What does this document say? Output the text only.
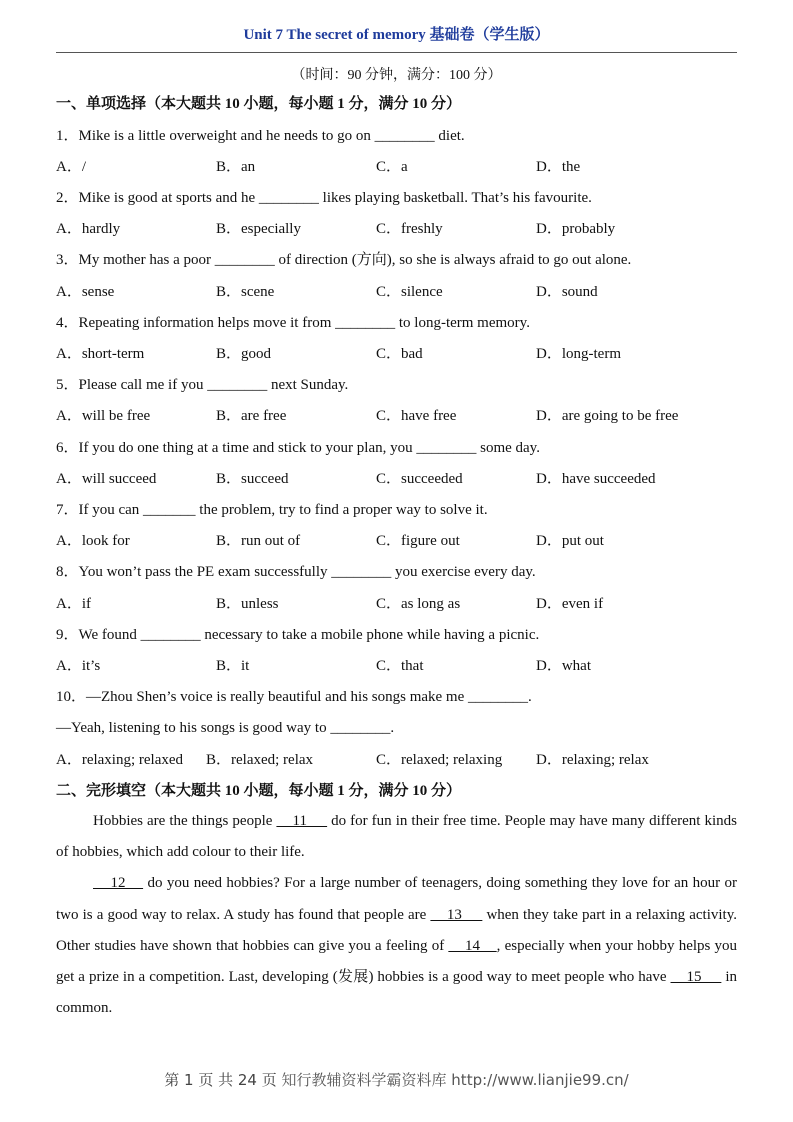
Unit 7 The secret of memory 基础卷（学生版）
（时间：90 分钟，满分：100 分）
一、单项选择（本大题共 10 小题，每小题 1 分，满分 10 分）
1．Mike is a little overweight and he needs to go on ________ diet.
A．/	B．an	C．a	D．the
2．Mike is good at sports and he ________ likes playing basketball. That’s his favourite.
A．hardly	B．especially	C．freshly	D．probably
3．My mother has a poor ________ of direction (方向), so she is always afraid to go out alone.
A．sense	B．scene	C．silence	D．sound
4．Repeating information helps move it from ________ to long-term memory.
A．short-term	B．good	C．bad	D．long-term
5．Please call me if you ________ next Sunday.
A．will be free	B．are free	C．have free	D．are going to be free
6．If you do one thing at a time and stick to your plan, you ________ some day.
A．will succeed	B．succeed	C．succeeded	D．have succeeded
7．If you can _______ the problem, try to find a proper way to solve it.
A．look for	B．run out of	C．figure out	D．put out
8．You won’t pass the PE exam successfully ________ you exercise every day.
A．if	B．unless	C．as long as	D．even if
9．We found ________ necessary to take a mobile phone while having a picnic.
A．it’s	B．it	C．that	D．what
10．—Zhou Shen’s voice is really beautiful and his songs make me ________.
—Yeah, listening to his songs is good way to ________.
A．relaxing; relaxed B．relaxed; relax	C．relaxed; relaxing D．relaxing; relax
二、完形填空（本大题共 10 小题，每小题 1 分，满分 10 分）

Hobbies are the things people     11      do for fun in their free time. People may have many different kinds of hobbies, which add colour to their life.

12     do you need hobbies? For a large number of teenagers, doing something they love for an hour or two is a good way to relax. A study has found that people are     13      when they take part in a relaxing activity. Other studies have shown that hobbies can give you a feeling of     14    , especially when your hobby helps you get a prize in a competition. Last, developing (发展) hobbies is a good way to meet people who have     15      in common.

第 1 页 共 24 页 知行教辅资料学霸资料库 http://www.lianjie99.cn/
